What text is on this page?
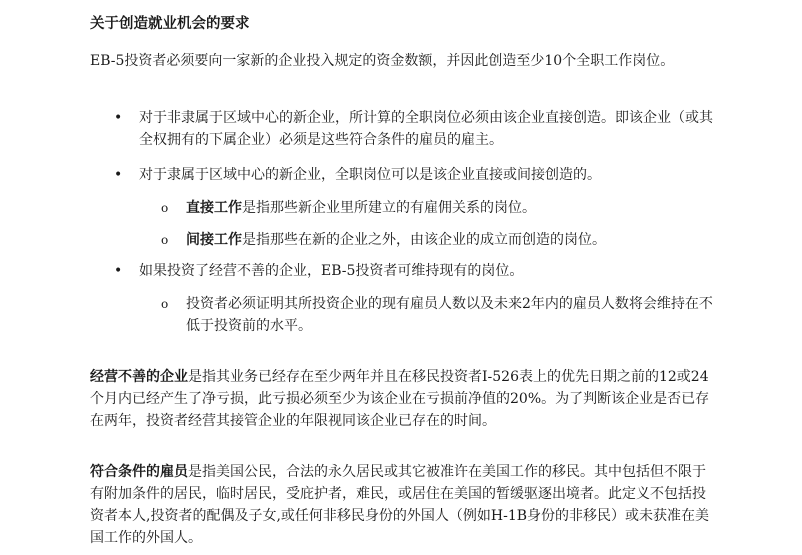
关于创造就业机会的要求

EB-5投资者必须要向一家新的企业投入规定的资金数额，并因此创造至少10个全职工作岗位。

• 对于非隶属于区域中心的新企业，所计算的全职岗位必须由该企业直接创造。即该企业（或其全权拥有的下属企业）必须是这些符合条件的雇员的雇主。
• 对于隶属于区域中心的新企业，全职岗位可以是该企业直接或间接创造的。
o 直接工作是指那些新企业里所建立的有雇佣关系的岗位。
o 间接工作是指那些在新的企业之外，由该企业的成立而创造的岗位。
• 如果投资了经营不善的企业，EB-5投资者可维持现有的岗位。
o 投资者必须证明其所投资企业的现有雇员人数以及未来2年内的雇员人数将会维持在不低于投资前的水平。

经营不善的企业是指其业务已经存在至少两年并且在移民投资者I-526表上的优先日期之前的12或24个月内已经产生了净亏损，此亏损必须至少为该企业在亏损前净值的20%。为了判断该企业是否已存在两年，投资者经营其接管企业的年限视同该企业已存在的时间。

符合条件的雇员是指美国公民，合法的永久居民或其它被准许在美国工作的移民。其中包括但不限于有附加条件的居民，临时居民，受庇护者，难民，或居住在美国的暂缓驱逐出境者。此定义不包括投资者本人,投资者的配偶及子女,或任何非移民身份的外国人（例如H-1B身份的非移民）或未获准在美国工作的外国人。
